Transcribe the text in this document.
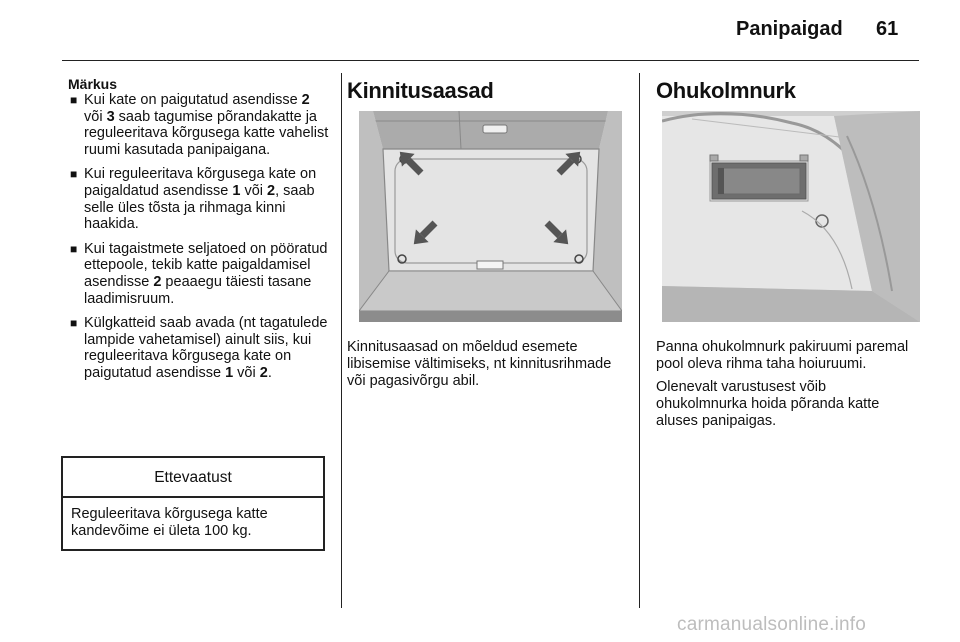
Panipaigad 61
Märkus
■ Kui kate on paigutatud asendisse 2 või 3 saab tagumise põrandakatte ja reguleeritava kõrgusega katte vahelist ruumi kasutada panipaigana.
■ Kui reguleeritava kõrgusega kate on paigaldatud asendisse 1 või 2, saab selle üles tõsta ja rihmaga kinni haakida.
■ Kui tagaistmete seljatoed on pööratud ettepoole, tekib katte paigaldamisel asendisse 2 peaaegu täiesti tasane laadimisruum.
■ Külgkatteid saab avada (nt tagatulede lampide vahetamisel) ainult siis, kui reguleeritava kõrgusega kate on paigutatud asendisse 1 või 2.
Ettevaatust
Reguleeritava kõrgusega katte kandevõime ei ületa 100 kg.
Kinnitusaasad
Kinnitusaasad on mõeldud esemete libisemise vältimiseks, nt kinnitusrihmade või pagasivõrgu abil.
Ohukolmnurk

Panna ohukolmnurk pakiruumi paremal pool oleva rihma taha hoiuruumi.

Olenevalt varustusest võib ohukolmnurka hoida põranda katte aluses panipaigas.

carmanualsonline.info
